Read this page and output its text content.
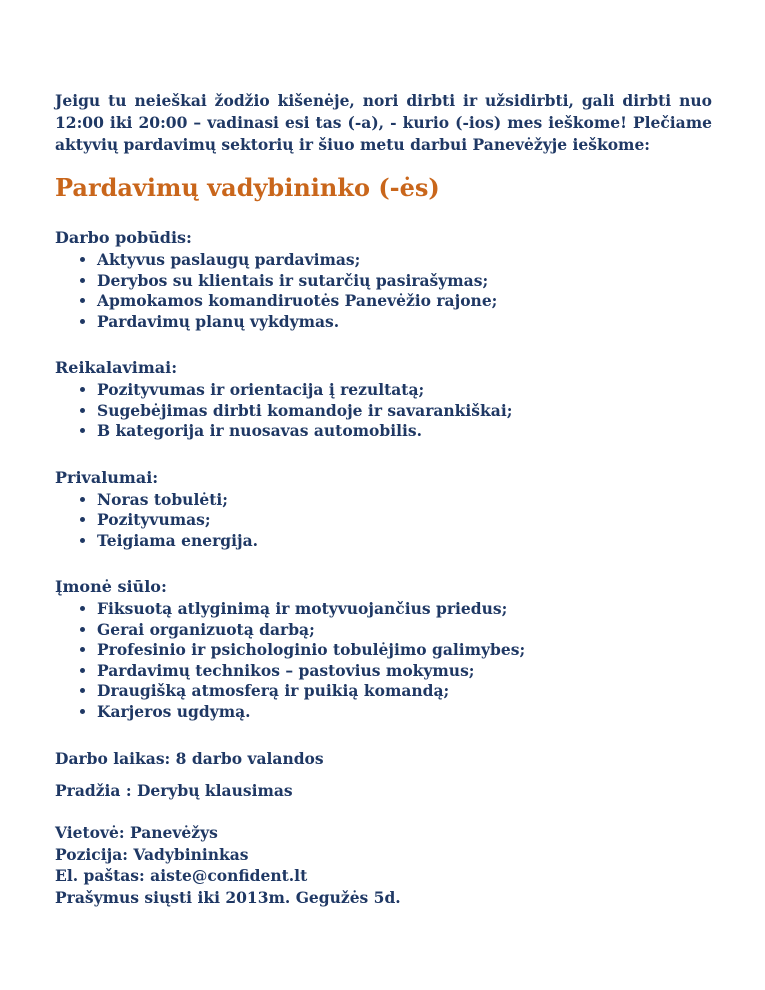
Jeigu tu neieškai žodžio kišenėje, nori dirbti ir užsidirbti, gali dirbti nuo 12:00 iki 20:00 – vadinasi esi tas (-a), - kurio (-ios) mes ieškome! Plečiame aktyvių pardavimų sektorių ir šiuo metu darbui Panevėžyje ieškome:

Pardavimų vadybininko (-ės)
Darbo pobūdis:
• Aktyvus paslaugų pardavimas;
• Derybos su klientais ir sutarčių pasirašymas;
• Apmokamos komandiruotės Panevėžio rajone;
• Pardavimų planų vykdymas.
Reikalavimai:
• Pozityvumas ir orientacija į rezultatą;
• Sugebėjimas dirbti komandoje ir savarankiškai;
• B kategorija ir nuosavas automobilis.
Privalumai:
• Noras tobulėti;
• Pozityvumas;
• Teigiama energija.
Įmonė siūlo:
• Fiksuotą atlyginimą ir motyvuojančius priedus;
• Gerai organizuotą darbą;
• Profesinio ir psichologinio tobulėjimo galimybes;
• Pardavimų technikos – pastovius mokymus;
• Draugišką atmosferą ir puikią komandą;
• Karjeros ugdymą.

Darbo laikas: 8 darbo valandos

Pradžia : Derybų klausimas

Vietovė: Panevėžys

Pozicija: Vadybininkas

El. paštas: aiste@confident.lt

Prašymus siųsti iki 2013m. Gegužės 5d.
